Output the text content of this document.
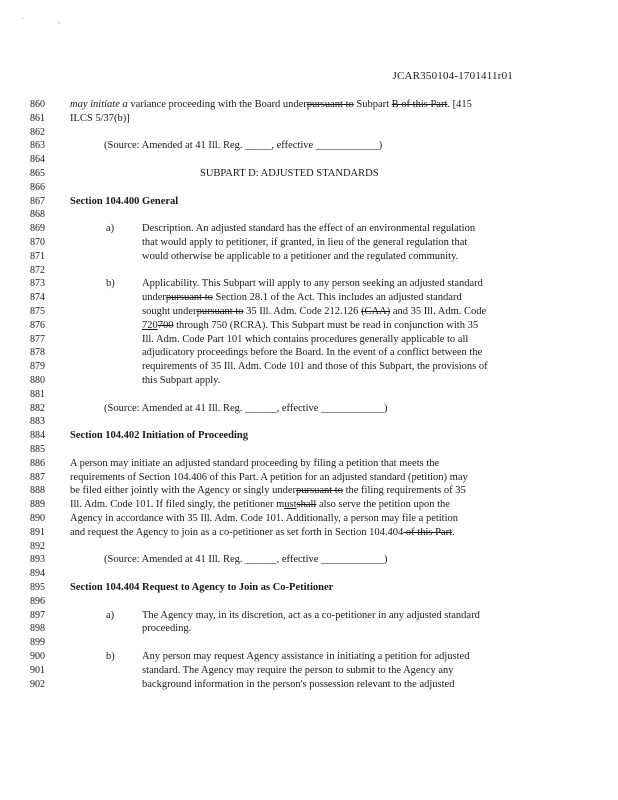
`	¸
JCAR350104-1701411r01
860	may initiate a variance proceeding with the Board underpursuant to Subpart B of this Part. [415
861	ILCS 5/37(b)]
862
863	(Source: Amended at 41 Ill. Reg. _____, effective ____________)
864
865	SUBPART D: ADJUSTED STANDARDS
866
867	Section 104.400 General
868
869	a)	Description. An adjusted standard has the effect of an environmental regulation
870	that would apply to petitioner, if granted, in lieu of the general regulation that
871	would otherwise be applicable to a petitioner and the regulated community.
872
873	b)	Applicability. This Subpart will apply to any person seeking an adjusted standard
874	underpursuant to Section 28.1 of the Act. This includes an adjusted standard
875	sought underpursuant to 35 Ill. Adm. Code 212.126 (CAA) and 35 Ill. Adm. Code
876	720700 through 750 (RCRA). This Subpart must be read in conjunction with 35
877	Ill. Adm. Code Part 101 which contains procedures generally applicable to all
878	adjudicatory proceedings before the Board. In the event of a conflict between the
879	requirements of 35 Ill. Adm. Code 101 and those of this Subpart, the provisions of
880	this Subpart apply.
881
882	(Source: Amended at 41 Ill. Reg. ______, effective ____________)
883
884	Section 104.402 Initiation of Proceeding
885
886	A person may initiate an adjusted standard proceeding by filing a petition that meets the
887	requirements of Section 104.406 of this Part. A petition for an adjusted standard (petition) may
888	be filed either jointly with the Agency or singly underpursuant to the filing requirements of 35
889	Ill. Adm. Code 101. If filed singly, the petitioner mustshall also serve the petition upon the
890	Agency in accordance with 35 Ill. Adm. Code 101. Additionally, a person may file a petition
891	and request the Agency to join as a co-petitioner as set forth in Section 104.404 of this Part.
892
893	(Source: Amended at 41 Ill. Reg. ______, effective ____________)
894
895	Section 104.404 Request to Agency to Join as Co-Petitioner
896
897	a)	The Agency may, in its discretion, act as a co-petitioner in any adjusted standard
898	proceeding.
899
900	b)	Any person may request Agency assistance in initiating a petition for adjusted
901	standard. The Agency may require the person to submit to the Agency any
902	background information in the person's possession relevant to the adjusted
